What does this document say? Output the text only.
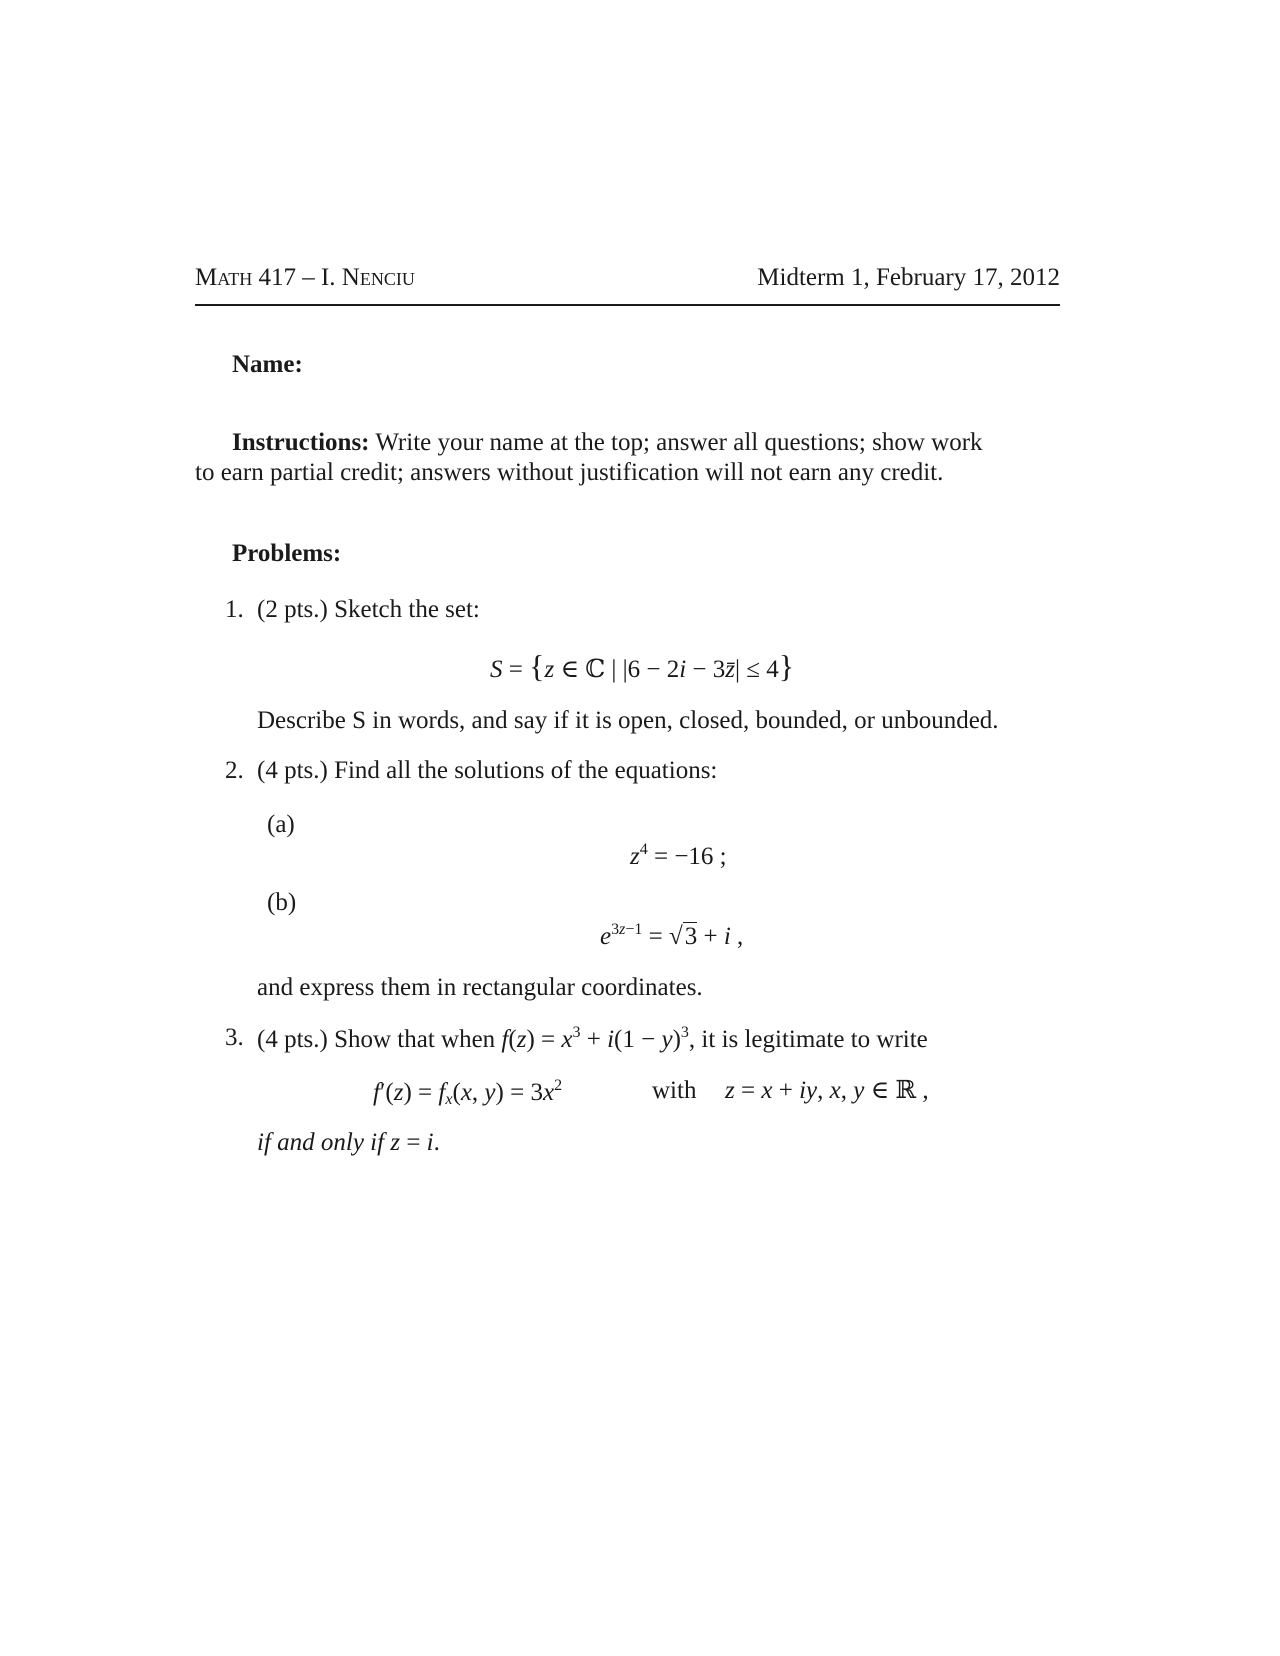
Math 417 – I. Nenciu	Midterm 1, February 17, 2012
Name:
Instructions: Write your name at the top; answer all questions; show work
to earn partial credit; answers without justification will not earn any credit.
Problems:
1. (2 pts.) Sketch the set:
S = {z ∈ ℂ | |6 − 2i − 3z̄| ≤ 4}
Describe S in words, and say if it is open, closed, bounded, or unbounded.
2. (4 pts.) Find all the solutions of the equations:
(a)
$z^4 = -16$ ;
(b)
$e^{3z-1} = √3 + i$ ,
and express them in rectangular coordinates.
3. (4 pts.) Show that when $f(z) = x^3 + i(1 - y)^3$, it is legitimate to write
$f'(z) = f_x(x$, $y) = 3x^2$	with z = x + iy, x, y ∈ ℝ ,
if and only if z = i.
